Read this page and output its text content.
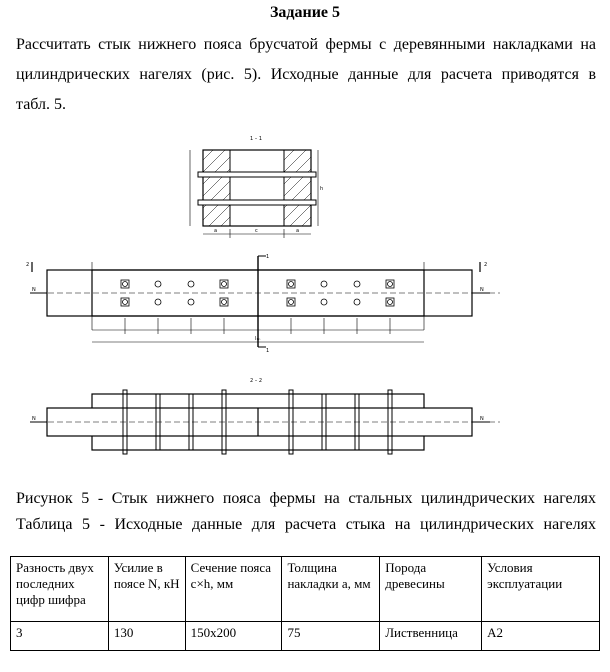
Задание 5
Рассчитать стык нижнего пояса брусчатой фермы с деревянными накладками на
цилиндрических нагелях (рис. 5). Исходные данные для расчета приводятся в
табл. 5.
1 – 1
a	c	a
h
2	2
1
1
N	N
l₁ₙ
2 – 2
N	N
Рисунок 5 - Стык нижнего пояса фермы на стальных цилиндрических нагелях
Таблица 5 - Исходные данные для расчета стыка на цилиндрических нагелях
Разность двух последних цифр шифра	Усилие в поясе N, кН	Сечение пояса c×h, мм	Толщина накладки a, мм	Порода древесины	Условия эксплуатации
3	130	150х200	75	Лиственница	А2
